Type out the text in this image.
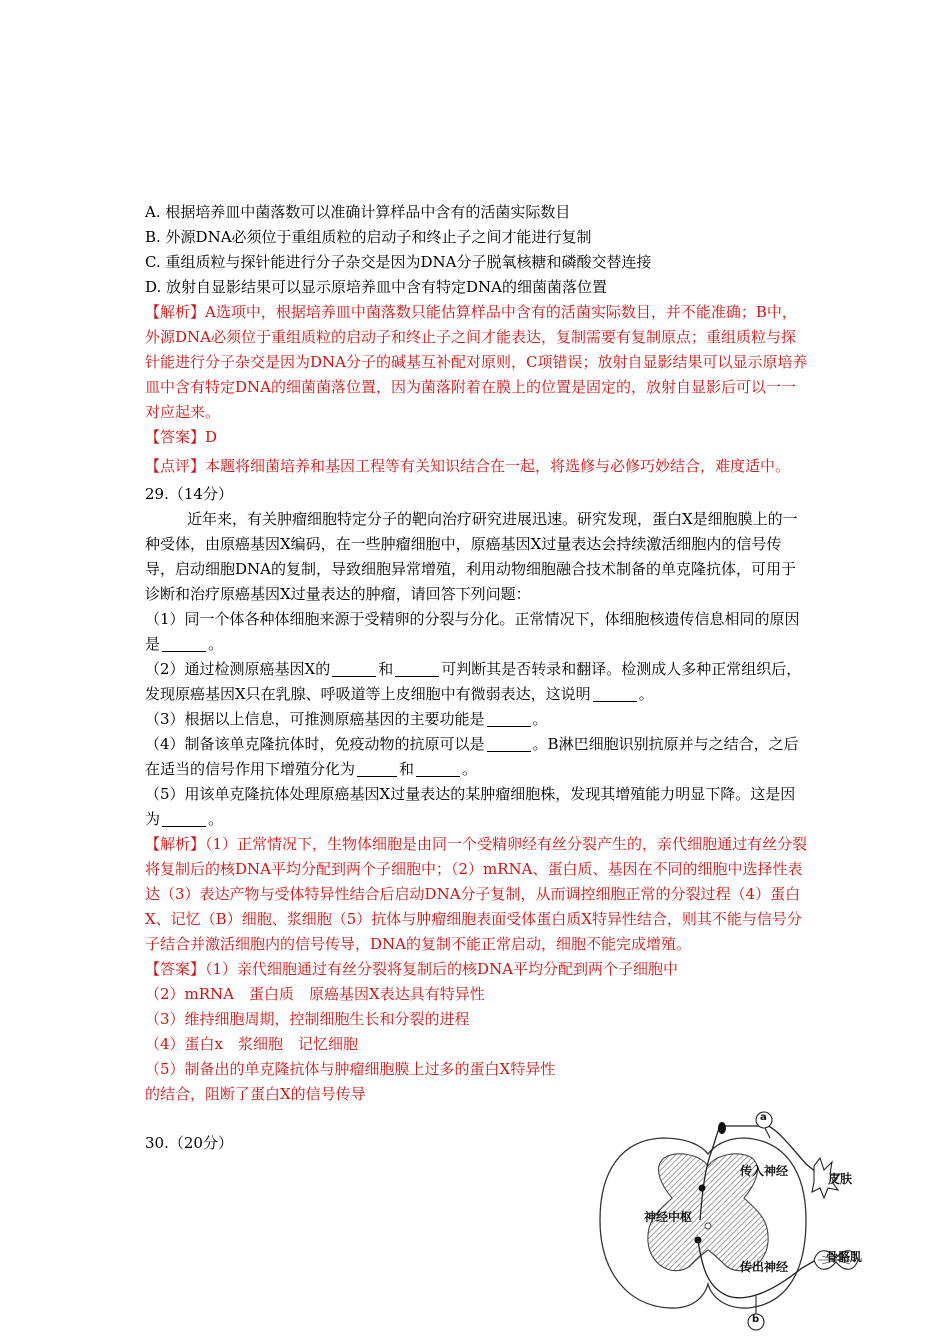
A. 根据培养皿中菌落数可以准确计算样品中含有的活菌实际数目

B. 外源DNA必须位于重组质粒的启动子和终止子之间才能进行复制

C. 重组质粒与探针能进行分子杂交是因为DNA分子脱氧核糖和磷酸交替连接

D. 放射自显影结果可以显示原培养皿中含有特定DNA的细菌菌落位置

【解析】A选项中，根据培养皿中菌落数只能估算样品中含有的活菌实际数目，并不能准确；B中，外源DNA必须位于重组质粒的启动子和终止子之间才能表达，复制需要有复制原点；重组质粒与探针能进行分子杂交是因为DNA分子的碱基互补配对原则，C项错误；放射自显影结果可以显示原培养皿中含有特定DNA的细菌菌落位置，因为菌落附着在膜上的位置是固定的，放射自显影后可以一一对应起来。

【答案】D

【点评】本题将细菌培养和基因工程等有关知识结合在一起，将选修与必修巧妙结合，难度适中。

29.（14分）

近年来，有关肿瘤细胞特定分子的靶向治疗研究进展迅速。研究发现，蛋白X是细胞膜上的一种受体，由原癌基因X编码，在一些肿瘤细胞中，原癌基因X过量表达会持续激活细胞内的信号传导，启动细胞DNA的复制，导致细胞异常增殖，利用动物细胞融合技术制备的单克隆抗体，可用于诊断和治疗原癌基因X过量表达的肿瘤，请回答下列问题：

（1）同一个体各种体细胞来源于受精卵的分裂与分化。正常情况下，体细胞核遗传信息相同的原因是	。

（2）通过检测原癌基因X的	和	可判断其是否转录和翻译。检测成人多种正常组织后，发现原癌基因X只在乳腺、呼吸道等上皮细胞中有微弱表达，这说明	。

（3）根据以上信息，可推测原癌基因的主要功能是	。

（4）制备该单克隆抗体时，免疫动物的抗原可以是	。B淋巴细胞识别抗原并与之结合，之后在适当的信号作用下增殖分化为	和	。

（5）用该单克隆抗体处理原癌基因X过量表达的某肿瘤细胞株，发现其增殖能力明显下降。这是因为	。

【解析】（1）正常情况下，生物体细胞是由同一个受精卵经有丝分裂产生的，亲代细胞通过有丝分裂将复制后的核DNA平均分配到两个子细胞中；（2）mRNA、蛋白质、基因在不同的细胞中选择性表达（3）表达产物与受体特异性结合后启动DNA分子复制，从而调控细胞正常的分裂过程（4）蛋白X、记忆（B）细胞、浆细胞（5）抗体与肿瘤细胞表面受体蛋白质X特异性结合，则其不能与信号分子结合并激活细胞内的信号传导，DNA的复制不能正常启动，细胞不能完成增殖。

【答案】（1）亲代细胞通过有丝分裂将复制后的核DNA平均分配到两个子细胞中

（2）mRNA　蛋白质　原癌基因X表达具有特异性

（3）维持细胞周期，控制细胞生长和分裂的进程

（4）蛋白x　浆细胞　记忆细胞

（5）制备出的单克隆抗体与肿瘤细胞膜上过多的蛋白X特异性的结合，阻断了蛋白X的信号传导

30.（20分）

神经中枢
传入神经
传出神经
皮肤
骨骼肌
a
b
